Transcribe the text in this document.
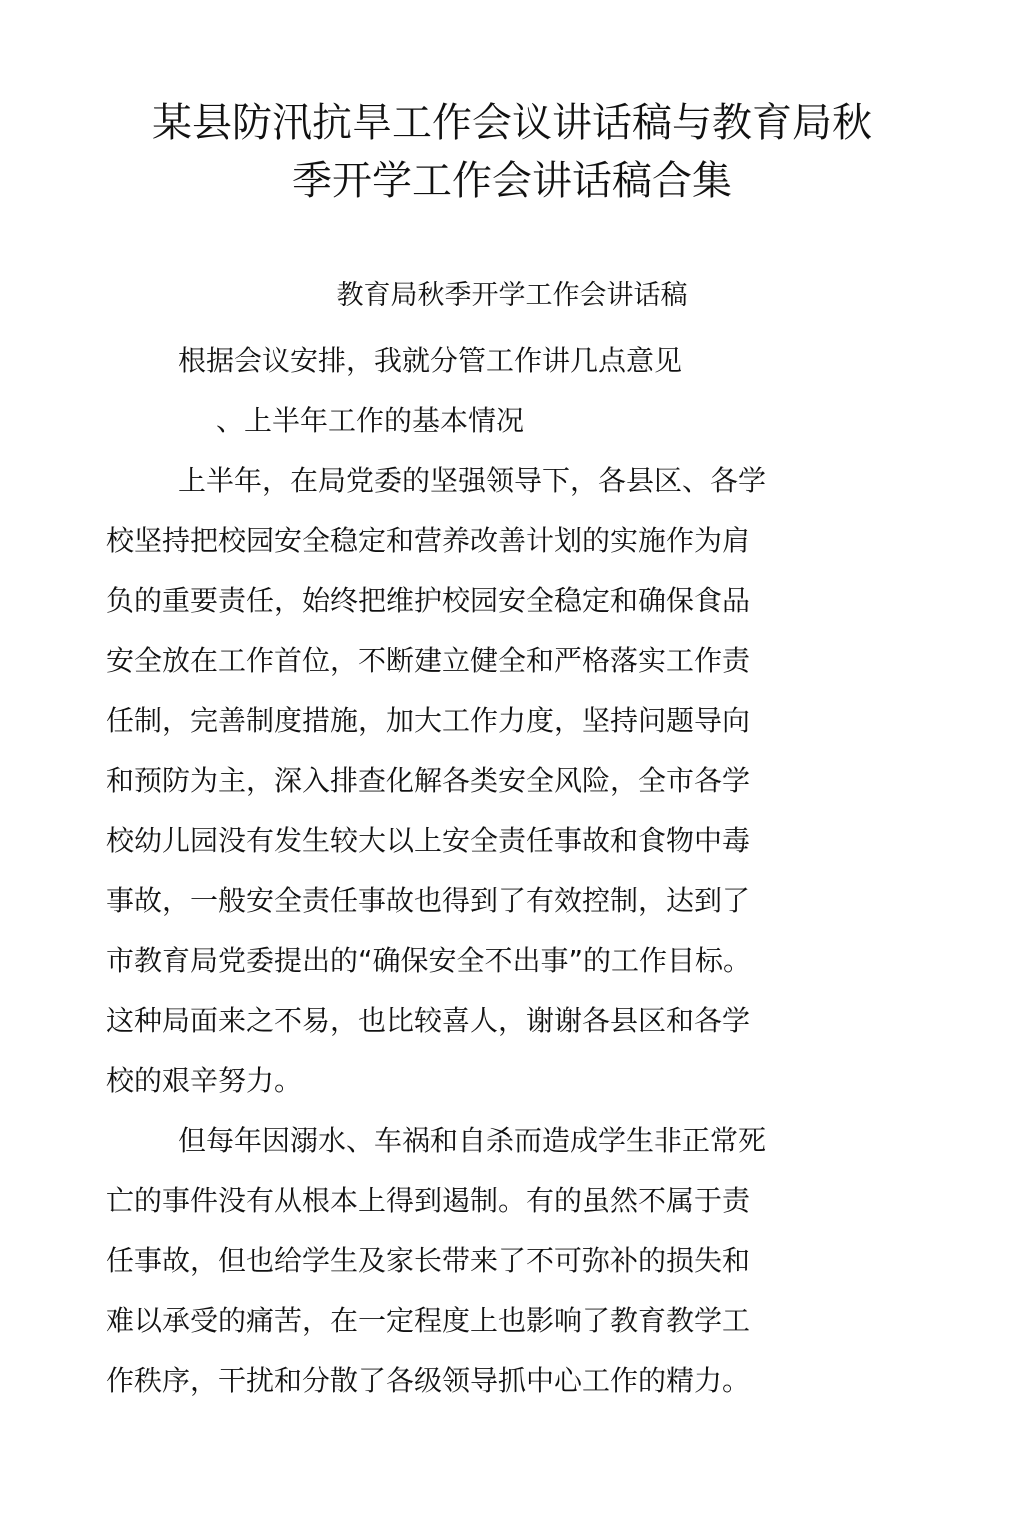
某县防汛抗旱工作会议讲话稿与教育局秋
季开学工作会讲话稿合集
教育局秋季开学工作会讲话稿

根据会议安排，我就分管工作讲几点意见

、上半年工作的基本情况

上半年，在局党委的坚强领导下，各县区、各学

校坚持把校园安全稳定和营养改善计划的实施作为肩

负的重要责任，始终把维护校园安全稳定和确保食品

安全放在工作首位，不断建立健全和严格落实工作责

任制，完善制度措施，加大工作力度，坚持问题导向

和预防为主，深入排查化解各类安全风险，全市各学

校幼儿园没有发生较大以上安全责任事故和食物中毒

事故，一般安全责任事故也得到了有效控制，达到了

市教育局党委提出的“确保安全不出事”的工作目标。

这种局面来之不易，也比较喜人，谢谢各县区和各学

校的艰辛努力。

但每年因溺水、车祸和自杀而造成学生非正常死

亡的事件没有从根本上得到遏制。有的虽然不属于责

任事故，但也给学生及家长带来了不可弥补的损失和

难以承受的痛苦，在一定程度上也影响了教育教学工

作秩序，干扰和分散了各级领导抓中心工作的精力。
